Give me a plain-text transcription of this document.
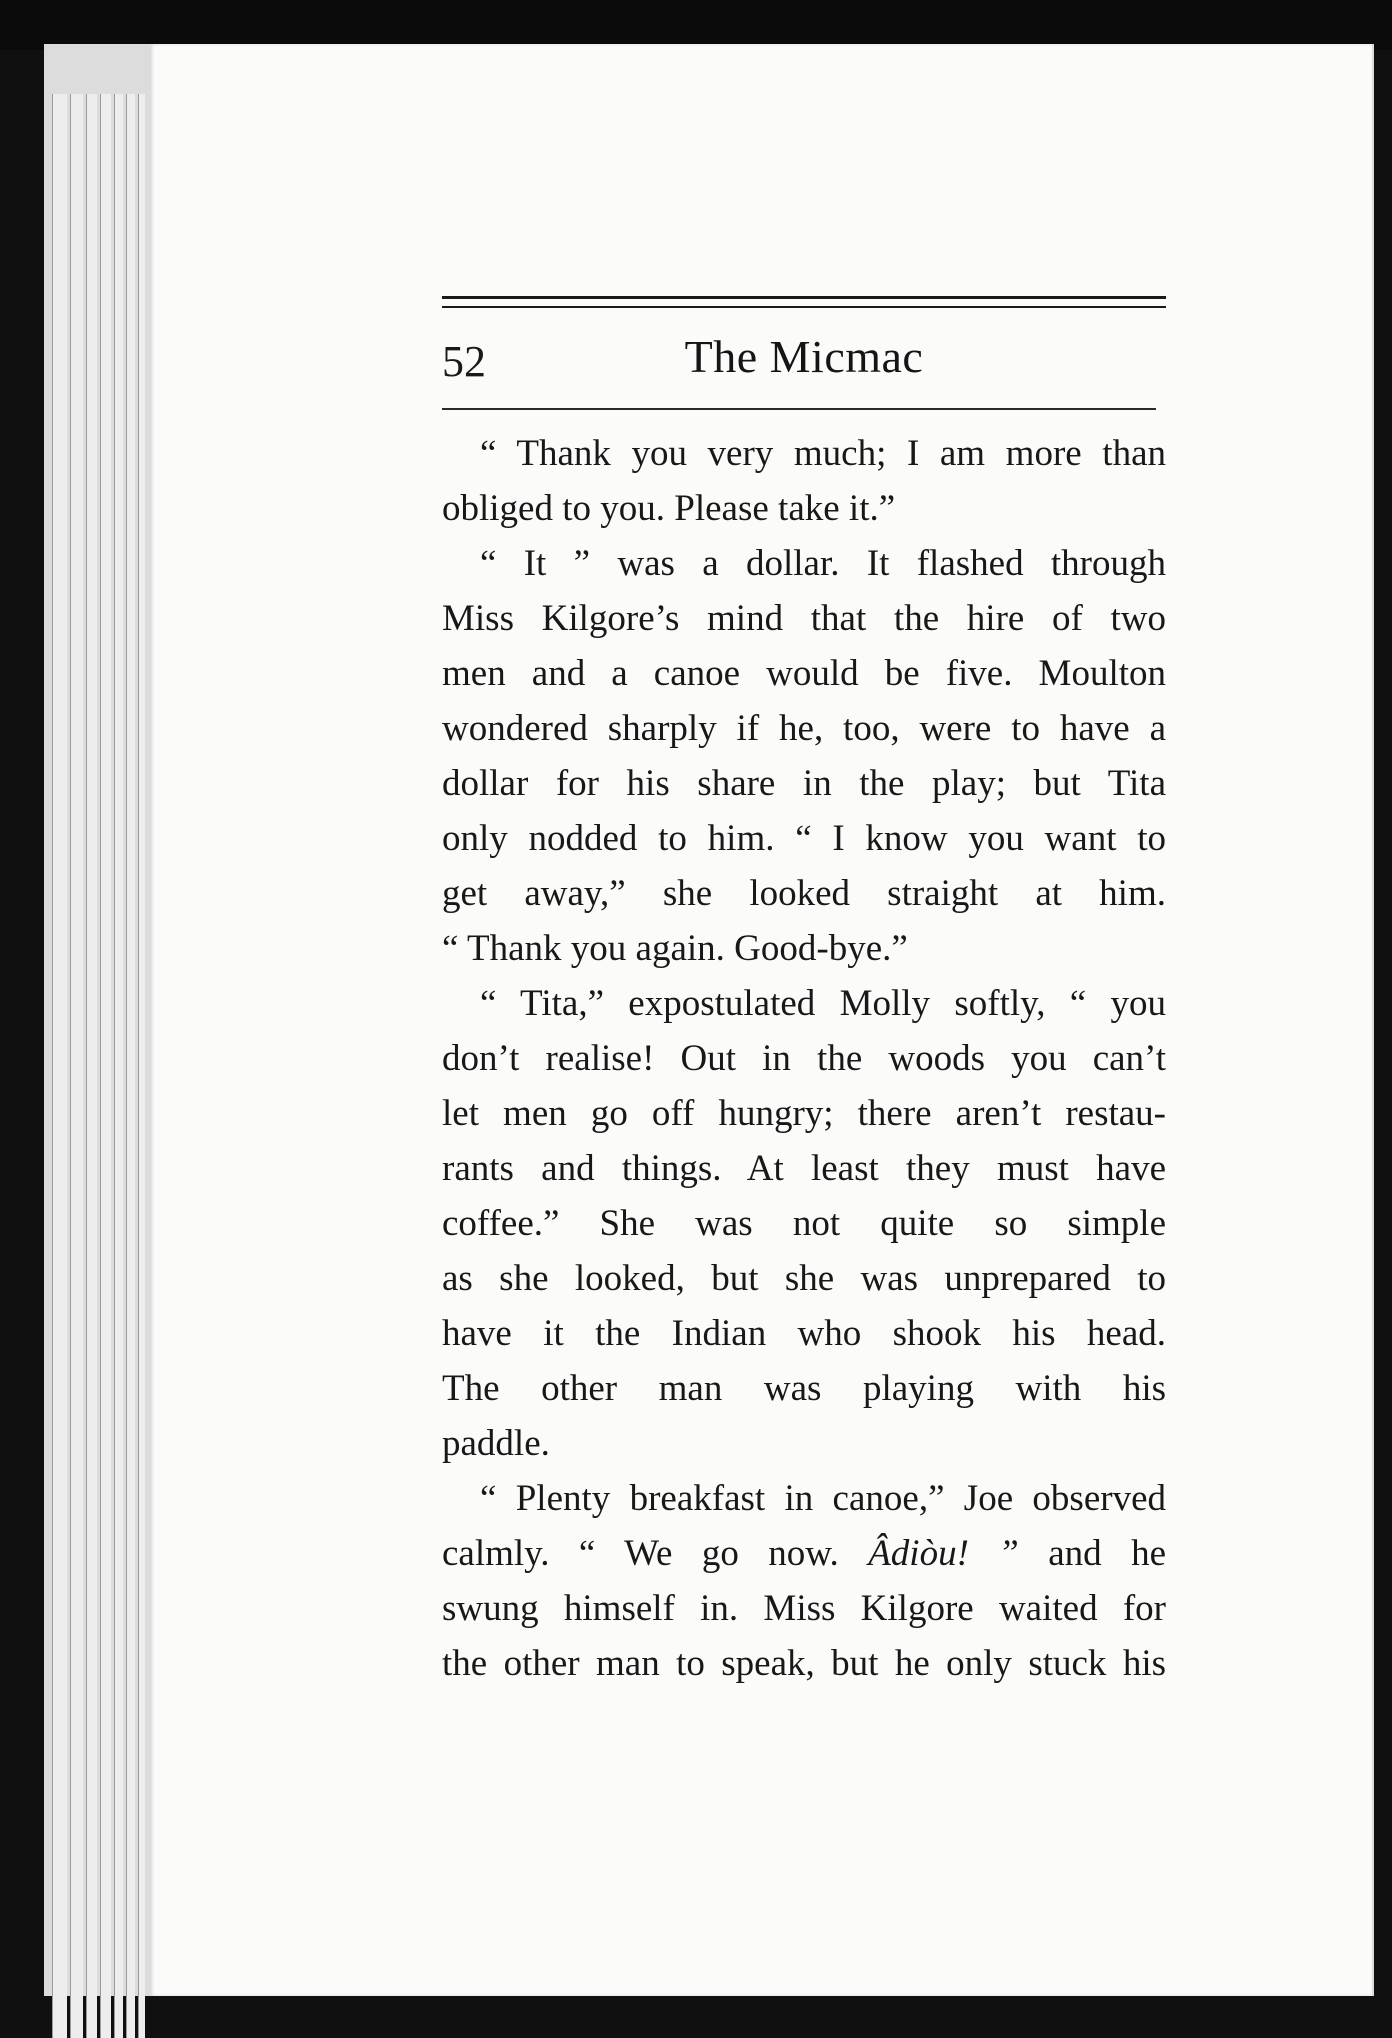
52	The Micmac
“ Thank you very much; I am more than
obliged to you. Please take it.”
“ It ” was a dollar. It flashed through
Miss Kilgore’s mind that the hire of two
men and a canoe would be five. Moulton
wondered sharply if he, too, were to have a
dollar for his share in the play; but Tita
only nodded to him. “ I know you want to
get away,” she looked straight at him.
“ Thank you again. Good-bye.”
“ Tita,” expostulated Molly softly, “ you
don’t realise! Out in the woods you can’t
let men go off hungry; there aren’t restau-
rants and things. At least they must have
coffee.” She was not quite so simple
as she looked, but she was unprepared to
have it the Indian who shook his head.
The other man was playing with his
paddle.
“ Plenty breakfast in canoe,” Joe observed
calmly. “ We go now. Âdiòu! ” and he
swung himself in. Miss Kilgore waited for
the other man to speak, but he only stuck his
